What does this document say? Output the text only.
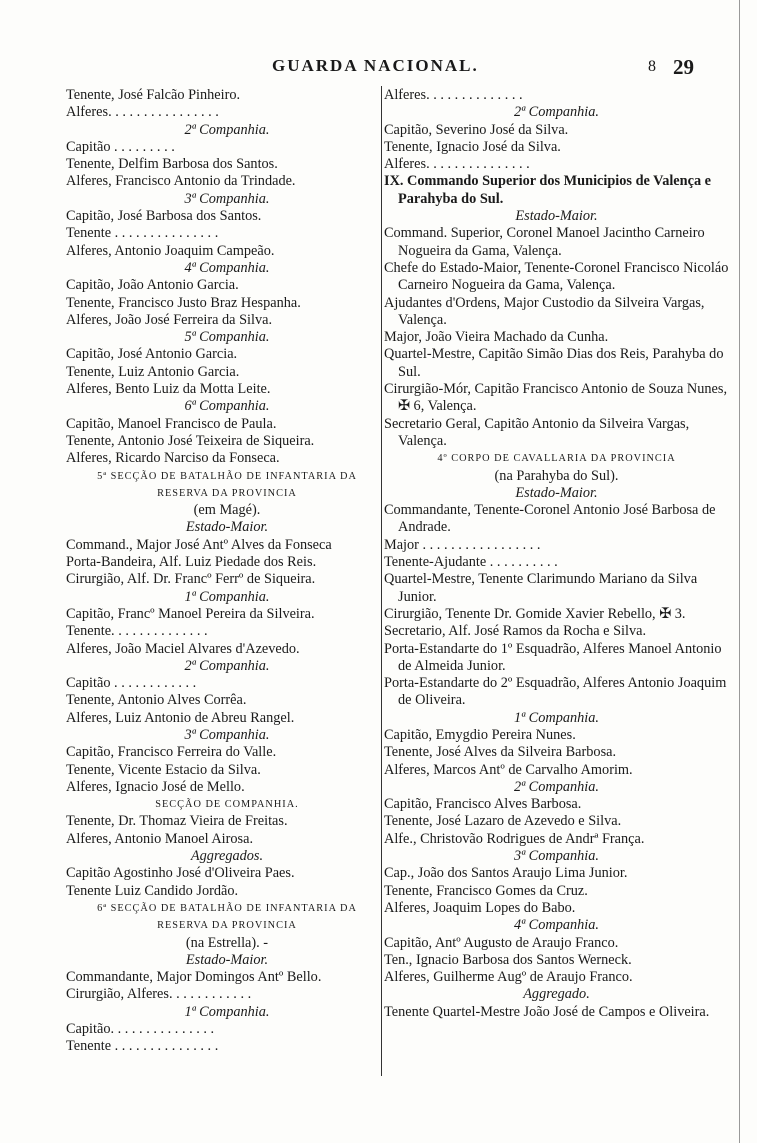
GUARDA NACIONAL.	8 29
Tenente, José Falcão Pinheiro.
Alferes. . . . . . . . . . . . . . . .
2ª Companhia.
Capitão . . . . . . . . .
Tenente, Delfim Barbosa dos Santos.
Alferes, Francisco Antonio da Trindade.
3ª Companhia.
Capitão, José Barbosa dos Santos.
Tenente . . . . . . . . . . . . . . .
Alferes, Antonio Joaquim Campeão.
4ª Companhia.
Capitão, João Antonio Garcia.
Tenente, Francisco Justo Braz Hespanha.
Alferes, João José Ferreira da Silva.
5ª Companhia.
Capitão, José Antonio Garcia.
Tenente, Luiz Antonio Garcia.
Alferes, Bento Luiz da Motta Leite.
6ª Companhia.
Capitão, Manoel Francisco de Paula.
Tenente, Antonio José Teixeira de Siqueira.
Alferes, Ricardo Narciso da Fonseca.
5ª SECÇÃO DE BATALHÃO DE INFANTARIA DA
RESERVA DA PROVINCIA
(em Magé).
Estado-Maior.
Command., Major José Antº Alves da Fonseca
Porta-Bandeira, Alf. Luiz Piedade dos Reis.
Cirurgião, Alf. Dr. Francº Ferrº de Siqueira.
1ª Companhia.
Capitão, Francº Manoel Pereira da Silveira.
Tenente. . . . . . . . . . . . . .
Alferes, João Maciel Alvares d'Azevedo.
2ª Companhia.
Capitão . . . . . . . . . . . .
Tenente, Antonio Alves Corrêa.
Alferes, Luiz Antonio de Abreu Rangel.
3ª Companhia.
Capitão, Francisco Ferreira do Valle.
Tenente, Vicente Estacio da Silva.
Alferes, Ignacio José de Mello.
SECÇÃO DE COMPANHIA.
Tenente, Dr. Thomaz Vieira de Freitas.
Alferes, Antonio Manoel Airosa.
Aggregados.
Capitão Agostinho José d'Oliveira Paes.
Tenente Luiz Candido Jordão.
6ª SECÇÃO DE BATALHÃO DE INFANTARIA DA
RESERVA DA PROVINCIA
(na Estrella). -
Estado-Maior.
Commandante, Major Domingos Antº Bello.
Cirurgião, Alferes. . . . . . . . . . . .
1ª Companhia.
Capitão. . . . . . . . . . . . . . .
Tenente . . . . . . . . . . . . . . .
Alferes. . . . . . . . . . . . . .
2ª Companhia.
Capitão, Severino José da Silva.
Tenente, Ignacio José da Silva.
Alferes. . . . . . . . . . . . . . .
IX. Commando Superior dos Municipios de Valença e Parahyba do Sul.
Estado-Maior.
Command. Superior, Coronel Manoel Jacintho Carneiro Nogueira da Gama, Valença.
Chefe do Estado-Maior, Tenente-Coronel Francisco Nicoláo Carneiro Nogueira da Gama, Valença.
Ajudantes d'Ordens, Major Custodio da Silveira Vargas, Valença.
Major, João Vieira Machado da Cunha.
Quartel-Mestre, Capitão Simão Dias dos Reis, Parahyba do Sul.
Cirurgião-Mór, Capitão Francisco Antonio de Souza Nunes, ✠ 6, Valença.
Secretario Geral, Capitão Antonio da Silveira Vargas, Valença.
4º CORPO DE CAVALLARIA DA PROVINCIA
(na Parahyba do Sul).
Estado-Maior.
Commandante, Tenente-Coronel Antonio José Barbosa de Andrade.
Major . . . . . . . . . . . . . . . . .
Tenente-Ajudante . . . . . . . . . .
Quartel-Mestre, Tenente Clarimundo Mariano da Silva Junior.
Cirurgião, Tenente Dr. Gomide Xavier Rebello, ✠ 3.
Secretario, Alf. José Ramos da Rocha e Silva.
Porta-Estandarte do 1º Esquadrão, Alferes Manoel Antonio de Almeida Junior.
Porta-Estandarte do 2º Esquadrão, Alferes Antonio Joaquim de Oliveira.
1ª Companhia.
Capitão, Emygdio Pereira Nunes.
Tenente, José Alves da Silveira Barbosa.
Alferes, Marcos Antº de Carvalho Amorim.
2ª Companhia.
Capitão, Francisco Alves Barbosa.
Tenente, José Lazaro de Azevedo e Silva.
Alfe., Christovão Rodrigues de Andrª França.
3ª Companhia.
Cap., João dos Santos Araujo Lima Junior.
Tenente, Francisco Gomes da Cruz.
Alferes, Joaquim Lopes do Babo.
4ª Companhia.
Capitão, Antº Augusto de Araujo Franco.
Ten., Ignacio Barbosa dos Santos Werneck.
Alferes, Guilherme Augº de Araujo Franco.
Aggregado.
Tenente Quartel-Mestre João José de Campos e Oliveira.
